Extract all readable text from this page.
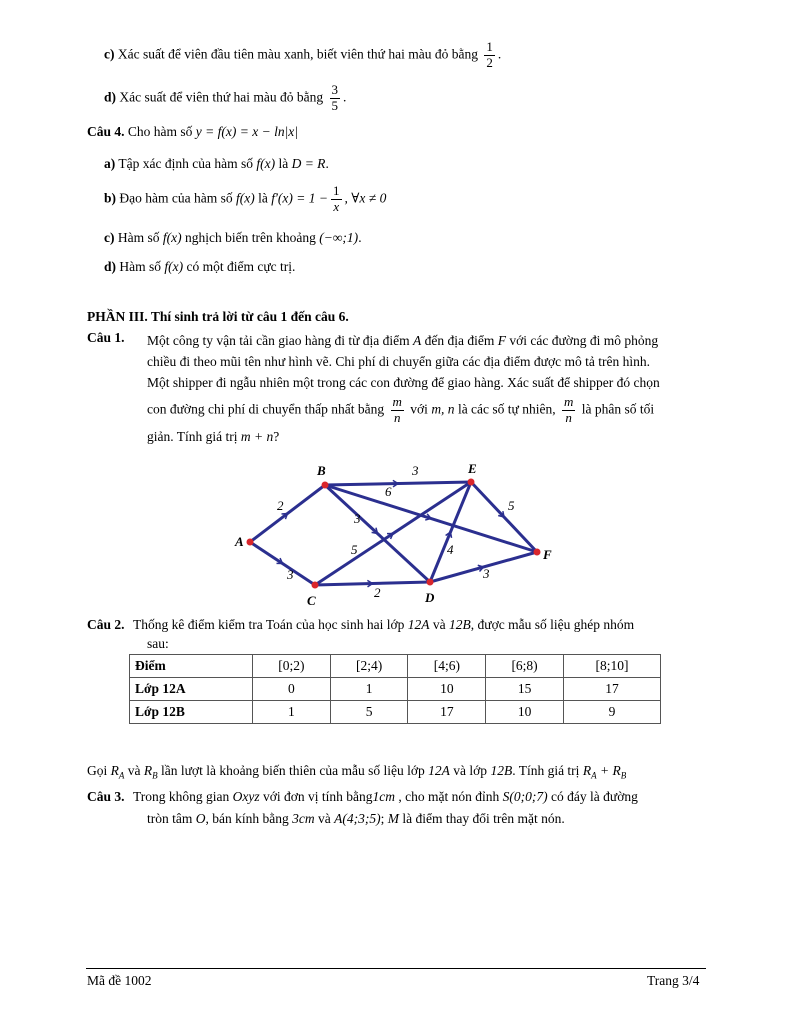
c) Xác suất để viên đầu tiên màu xanh, biết viên thứ hai màu đỏ bằng $\frac{1}{2}$ .
d) Xác suất để viên thứ hai màu đỏ bằng $\frac{3}{5}$ .
Câu 4. Cho hàm số y = f(x) = x − ln|x|
a) Tập xác định của hàm số f(x) là D = R.
b) Đạo hàm của hàm số f(x) là $f'(x) = 1 - \frac{1}{x}$ , ∀x ≠ 0
c) Hàm số f(x) nghịch biến trên khoảng (−∞;1).
d) Hàm số f(x) có một điểm cực trị.
PHẦN III. Thí sinh trả lời từ câu 1 đến câu 6.
Câu 1. Một công ty vận tải cần giao hàng đi từ địa điểm A đến địa điểm F với các đường đi mô phỏng
chiều đi theo mũi tên như hình vẽ. Chi phí di chuyển giữa các địa điểm được mô tả trên hình.
Một shipper đi ngẫu nhiên một trong các con đường để giao hàng. Xác suất để shipper đó chọn
con đường chi phí di chuyển thấp nhất bằng $\frac{m}{n}$ với m, n là các số tự nhiên, $\frac{m}{n}$ là phân số tối
giản. Tính giá trị m + n?
2
3
3
6
3
5
2
4
5
3
A
B
C	D
E
F
Câu 2. Thống kê điểm kiểm tra Toán của học sinh hai lớp 12A và 12B, được mẫu số liệu ghép nhóm
sau:
Điểm	[0;2)	[2;4)	[4;6)	[6;8)	[8;10]
Lớp 12A	0	1	10	15	17
Lớp 12B	1	5	17	10	9
Gọi $R_A$ và $R_B$ lần lượt là khoảng biến thiên của mẫu số liệu lớp 12A và lớp 12B. Tính giá trị $R_A + R_B$
Câu 3. Trong không gian Oxyz với đơn vị tính bằng1cm , cho mặt nón đỉnh S(0;0;7) có đáy là đường
tròn tâm O, bán kính bằng 3cm và A(4;3;5); M là điểm thay đổi trên mặt nón.
Mã đề 1002	Trang 3/4
